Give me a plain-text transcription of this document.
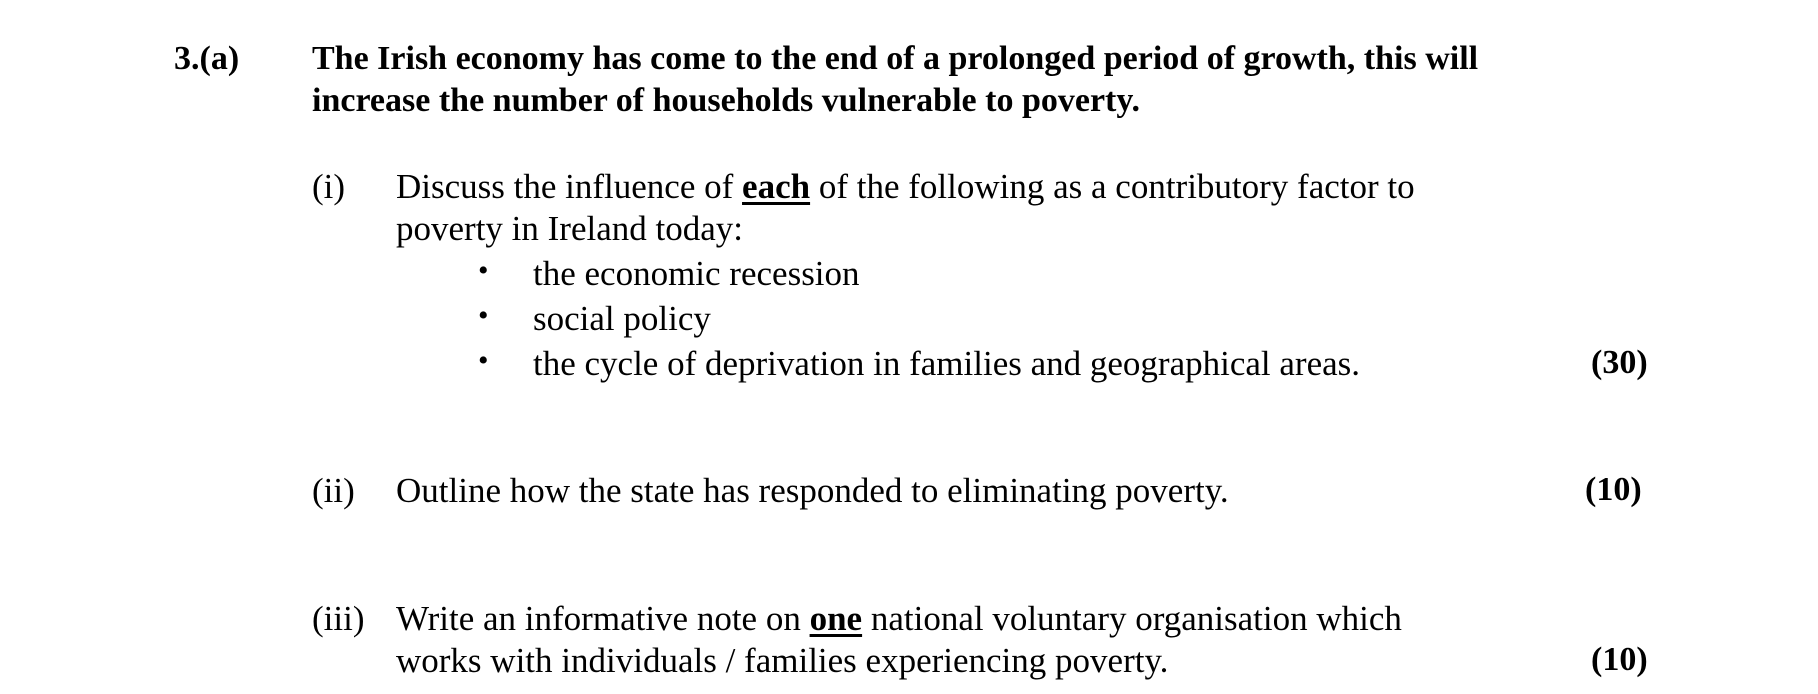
3.(a) The Irish economy has come to the end of a prolonged period of growth, this will
increase the number of households vulnerable to poverty.
(i) Discuss the influence of each of the following as a contributory factor to
poverty in Ireland today:
• the economic recession
• social policy
• the cycle of deprivation in families and geographical areas.	(30)
(ii) Outline how the state has responded to eliminating poverty.	(10)
(iii) Write an informative note on one national voluntary organisation which
works with individuals / families experiencing poverty.	(10)
